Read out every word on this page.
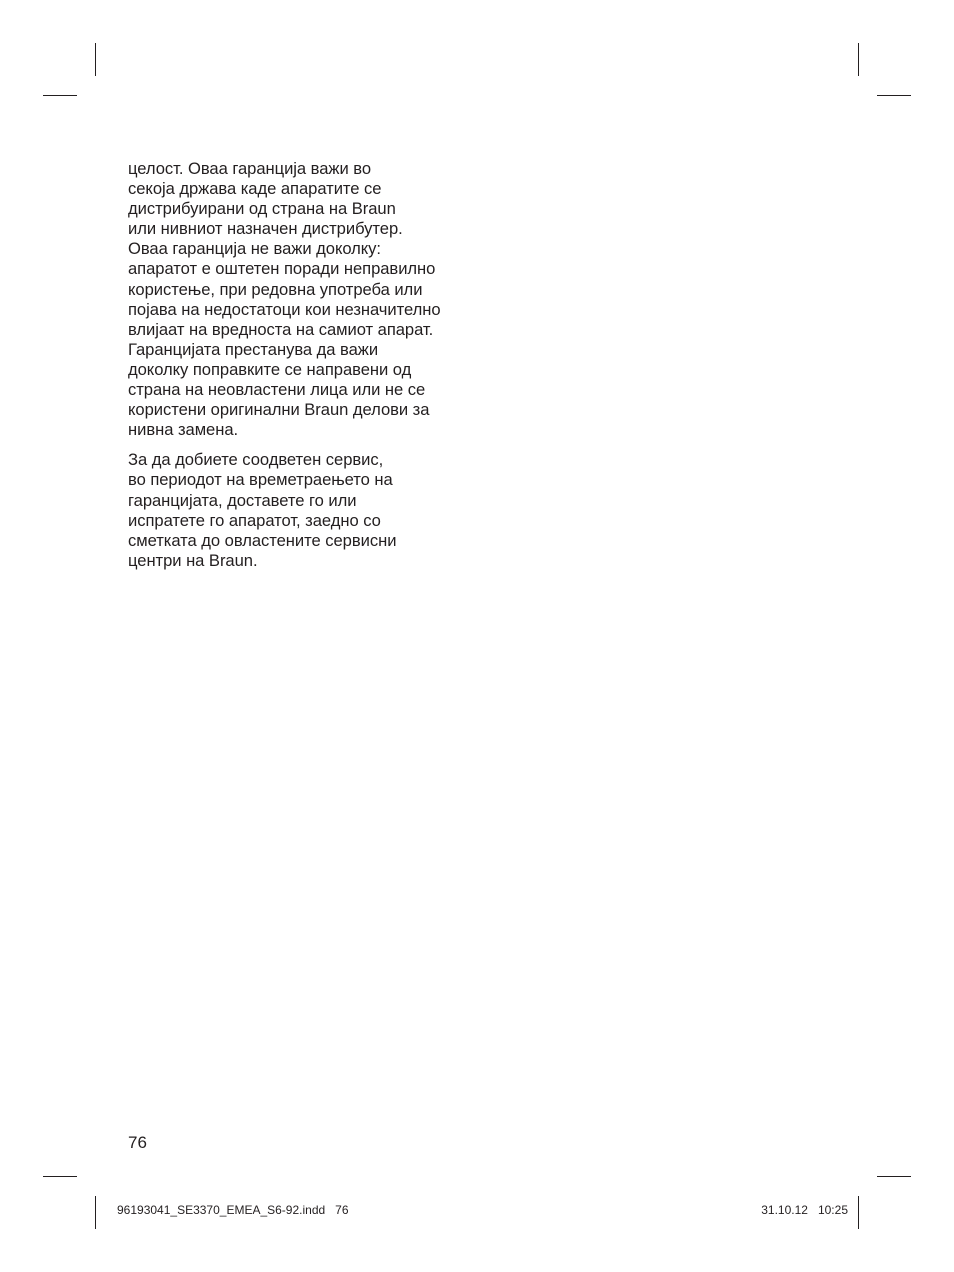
целост. Оваа гаранција важи во
секоја држава каде апаратите се
дистрибуирани од страна на Braun
или нивниот назначен дистрибутер.
Оваа гаранција не важи доколку:
апаратот е оштетен поради неправилно
користење, при редовна употреба или
појава на недостатоци кои незначително
влијаат на вредноста на самиот апарат.
Гаранцијата престанува да важи
доколку поправките се направени од
страна на неовластени лица или не се
користени оригинални Braun делови за
нивна замена.

За да добиете соодветен сервис,
во периодот на времетраењето на
гаранцијата, доставете го или
испратете го апаратот, заедно со
сметката до овластените сервисни
центри на Braun.

76
96193041_SE3370_EMEA_S6-92.indd   76	31.10.12   10:25
